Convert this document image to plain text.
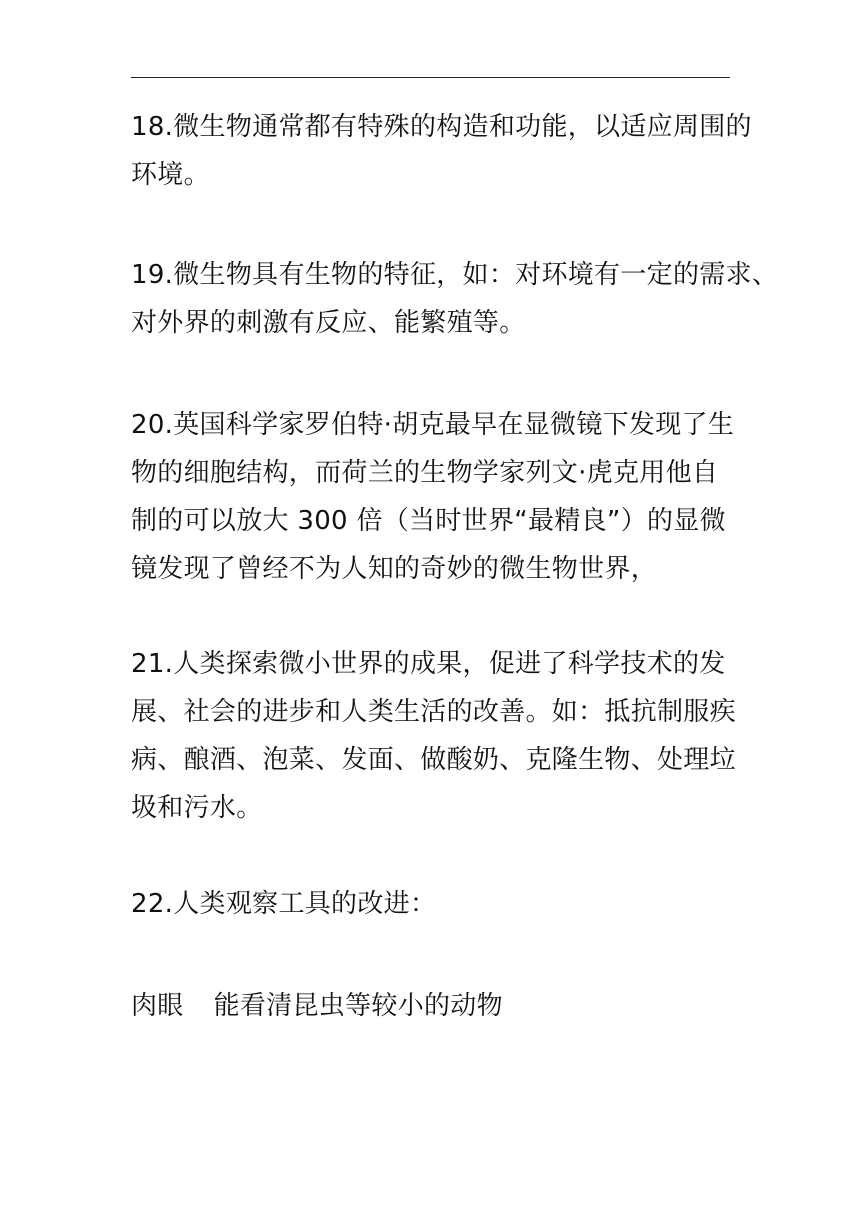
18.微生物通常都有特殊的构造和功能，以适应周围的
环境。
19.微生物具有生物的特征，如：对环境有一定的需求、
对外界的刺激有反应、能繁殖等。
20.英国科学家罗伯特·胡克最早在显微镜下发现了生
物的细胞结构，而荷兰的生物学家列文·虎克用他自
制的可以放大 300 倍（当时世界“最精良”）的显微
镜发现了曾经不为人知的奇妙的微生物世界，
21.人类探索微小世界的成果，促进了科学技术的发
展、社会的进步和人类生活的改善。如：抵抗制服疾
病、酿酒、泡菜、发面、做酸奶、克隆生物、处理垃
圾和污水。
22.人类观察工具的改进：
肉眼 能看清昆虫等较小的动物
